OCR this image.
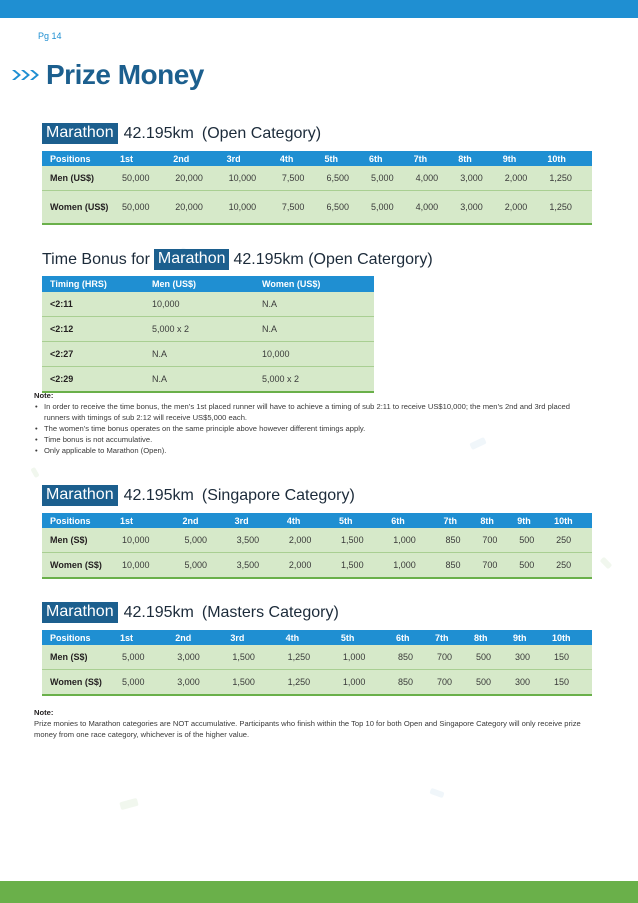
Pg 14
Prize Money
Marathon 42.195km (Open Category)
Positions	1st	2nd	3rd	4th	5th	6th	7th	8th	9th	10th
Men (US$)	50,000	20,000	10,000	7,500	6,500	5,000	4,000	3,000	2,000	1,250
Women (US$)	50,000	20,000	10,000	7,500	6,500	5,000	4,000	3,000	2,000	1,250
Time Bonus for Marathon 42.195km (Open Catergory)
Timing (HRS)	Men (US$)	Women (US$)
<2:11	10,000	N.A
<2:12	5,000 x 2	N.A
<2:27	N.A	10,000
<2:29	N.A	5,000 x 2
Note:
• In order to receive the time bonus, the men’s 1st placed runner will have to achieve a timing of sub 2:11 to receive US$10,000; the men’s 2nd and 3rd placed runners with timings of sub 2:12 will receive US$5,000 each.
• The women’s time bonus operates on the same principle above however different timings apply.
• Time bonus is not accumulative.
• Only applicable to Marathon (Open).
Marathon 42.195km (Singapore Category)
Positions	1st	2nd	3rd	4th	5th	6th	7th	8th	9th	10th
Men (S$)	10,000	5,000	3,500	2,000	1,500	1,000	850	700	500	250
Women (S$)	10,000	5,000	3,500	2,000	1,500	1,000	850	700	500	250
Marathon 42.195km (Masters Category)
Positions	1st	2nd	3rd	4th	5th	6th	7th	8th	9th	10th
Men (S$)	5,000	3,000	1,500	1,250	1,000	850	700	500	300	150
Women (S$)	5,000	3,000	1,500	1,250	1,000	850	700	500	300	150
Note:
Prize monies to Marathon categories are NOT accumulative. Participants who finish within the Top 10 for both Open and Singapore Category will only receive prize money from one race category, whichever is of the higher value.
